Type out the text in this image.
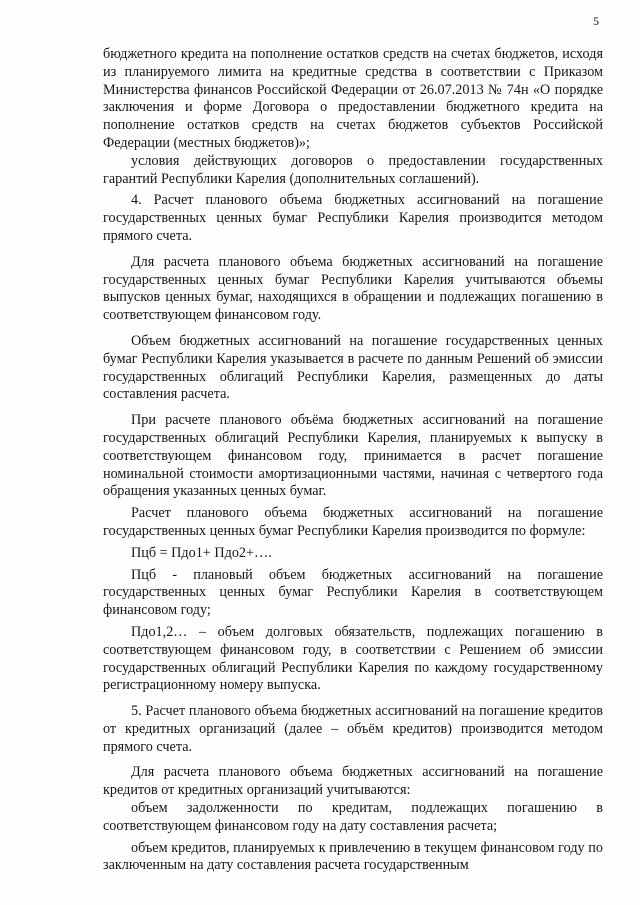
5

бюджетного кредита на пополнение остатков средств на счетах бюджетов, исходя из планируемого лимита на кредитные средства в соответствии с Приказом Министерства финансов Российской Федерации от 26.07.2013 № 74н «О порядке заключения и форме Договора о предоставлении бюджетного кредита на пополнение остатков средств на счетах бюджетов субъектов Российской Федерации (местных бюджетов)»;

условия действующих договоров о предоставлении государственных гарантий Республики Карелия (дополнительных соглашений).

4. Расчет планового объема бюджетных ассигнований на погашение государственных ценных бумаг Республики Карелия производится методом прямого счета.

Для расчета планового объема бюджетных ассигнований на погашение государственных ценных бумаг Республики Карелия учитываются объемы выпусков ценных бумаг, находящихся в обращении и подлежащих погашению в соответствующем финансовом году.

Объем бюджетных ассигнований на погашение государственных ценных бумаг Республики Карелия указывается в расчете по данным Решений об эмиссии государственных облигаций Республики Карелия, размещенных до даты составления расчета.

При расчете планового объёма бюджетных ассигнований на погашение государственных облигаций Республики Карелия, планируемых к выпуску в соответствующем финансовом году, принимается в расчет погашение номинальной стоимости амортизационными частями, начиная с четвертого года обращения указанных ценных бумаг.

Расчет планового объема бюджетных ассигнований на погашение государственных ценных бумаг Республики Карелия производится по формуле:

Пцб = Пдо1+ Пдо2+….

Пцб - плановый объем бюджетных ассигнований на погашение государственных ценных бумаг Республики Карелия в соответствующем финансовом году;

Пдо1,2… – объем долговых обязательств, подлежащих погашению в соответствующем финансовом году, в соответствии с Решением об эмиссии государственных облигаций Республики Карелия по каждому государственному регистрационному номеру выпуска.

5. Расчет планового объема бюджетных ассигнований на погашение кредитов от кредитных организаций (далее – объём кредитов) производится методом прямого счета.

Для расчета планового объема бюджетных ассигнований на погашение кредитов от кредитных организаций учитываются:

объем задолженности по кредитам, подлежащих погашению в соответствующем финансовом году на дату составления расчета;

объем кредитов, планируемых к привлечению в текущем финансовом году по заключенным на дату составления расчета государственным
